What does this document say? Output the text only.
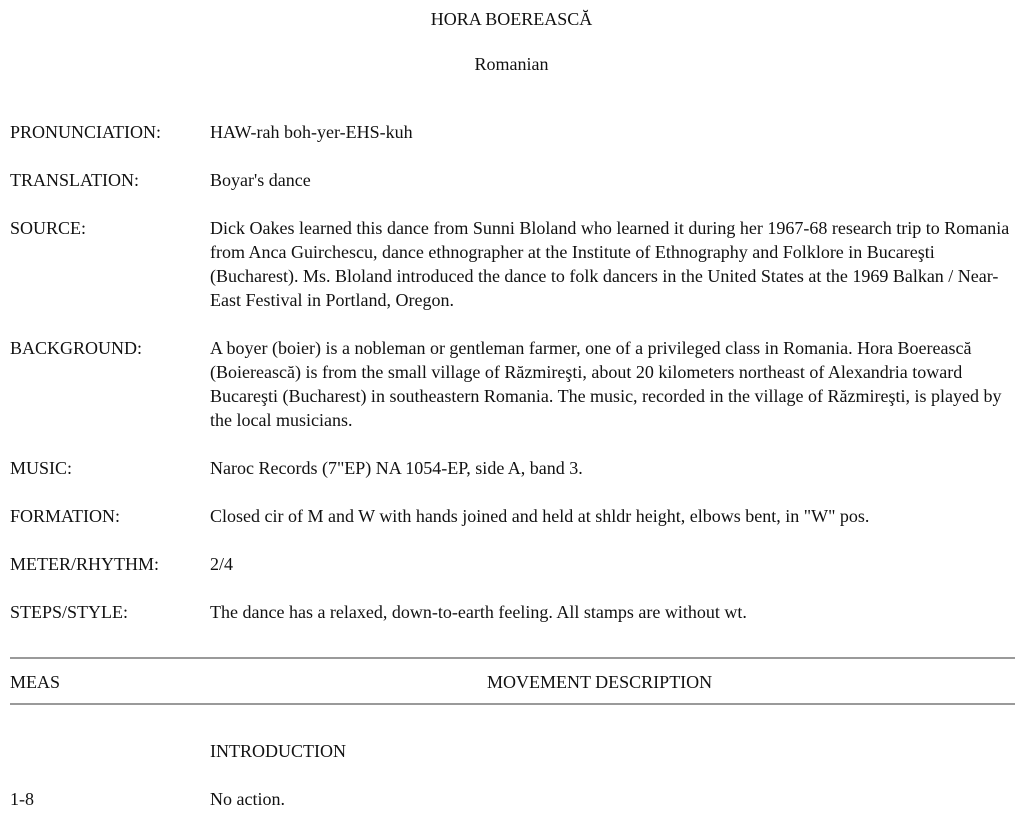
HORA BOEREASCĂ
Romanian
PRONUNCIATION:	HAW-rah boh-yer-EHS-kuh
TRANSLATION:	Boyar's dance
SOURCE:	Dick Oakes learned this dance from Sunni Bloland who learned it during her 1967-68 research trip to Romania from Anca Guirchescu, dance ethnographer at the Institute of Ethnography and Folklore in Bucareşti (Bucharest). Ms. Bloland introduced the dance to folk dancers in the United States at the 1969 Balkan / Near-East Festival in Portland, Oregon.
BACKGROUND:	A boyer (boier) is a nobleman or gentleman farmer, one of a privileged class in Romania. Hora Boerească (Boierească) is from the small village of Răzmireşti, about 20 kilometers northeast of Alexandria toward Bucareşti (Bucharest) in southeastern Romania. The music, recorded in the village of Răzmireşti, is played by the local musicians.
MUSIC:	Naroc Records (7"EP) NA 1054-EP, side A, band 3.
FORMATION:	Closed cir of M and W with hands joined and held at shldr height, elbows bent, in "W" pos.
METER/RHYTHM:	2/4
STEPS/STYLE:	The dance has a relaxed, down-to-earth feeling. All stamps are without wt.
MEAS	MOVEMENT DESCRIPTION
INTRODUCTION
1-8	No action.
